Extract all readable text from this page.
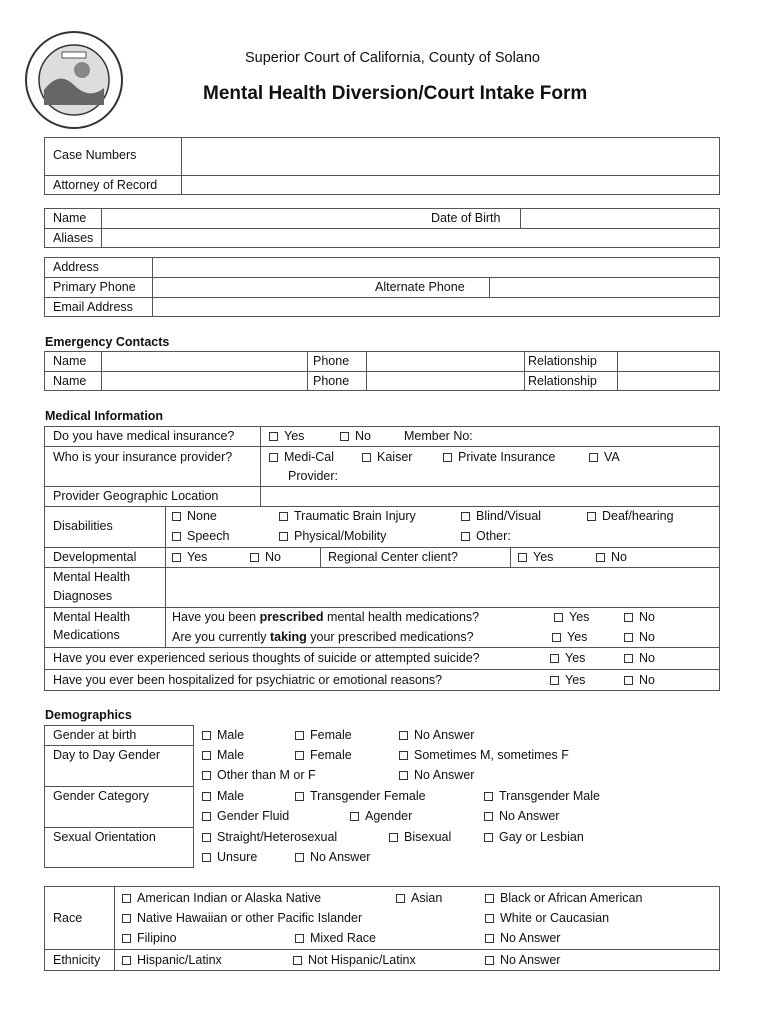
Superior Court of California, County of Solano
Mental Health Diversion/Court Intake Form
Case Numbers
Attorney of Record
Name	Date of Birth
Aliases
Address
Primary Phone	Alternate Phone
Email Address
Emergency Contacts
Name	Phone	Relationship
Name	Phone	Relationship
Medical Information
Do you have medical insurance?	Yes	No	Member No:
Who is your insurance provider?	Medi-Cal	Kaiser	Private Insurance	VA
Provider:
Provider Geographic Location
Disabilities
None	Traumatic Brain Injury	Blind/Visual	Deaf/hearing
Speech	Physical/Mobility	Other:
Developmental	Yes	No	Regional Center client?	Yes	No
Mental Health
Diagnoses
Mental Health
Medications
Have you been prescribed mental health medications?	Yes	No
Are you currently taking your prescribed medications?	Yes	No
Have you ever experienced serious thoughts of suicide or attempted suicide?	Yes	No
Have you ever been hospitalized for psychiatric or emotional reasons?	Yes	No
Demographics
Gender at birth	Male	Female	No Answer
Day to Day Gender	Male	Female	Sometimes M, sometimes F
Other than M or F	No Answer
Gender Category	Male	Transgender Female	Transgender Male
Gender Fluid	Agender	No Answer
Sexual Orientation	Straight/Heterosexual	Bisexual	Gay or Lesbian
Unsure	No Answer
Race
American Indian or Alaska Native	Asian	Black or African American
Native Hawaiian or other Pacific Islander	White or Caucasian
Filipino	Mixed Race	No Answer
Ethnicity	Hispanic/Latinx	Not Hispanic/Latinx	No Answer
